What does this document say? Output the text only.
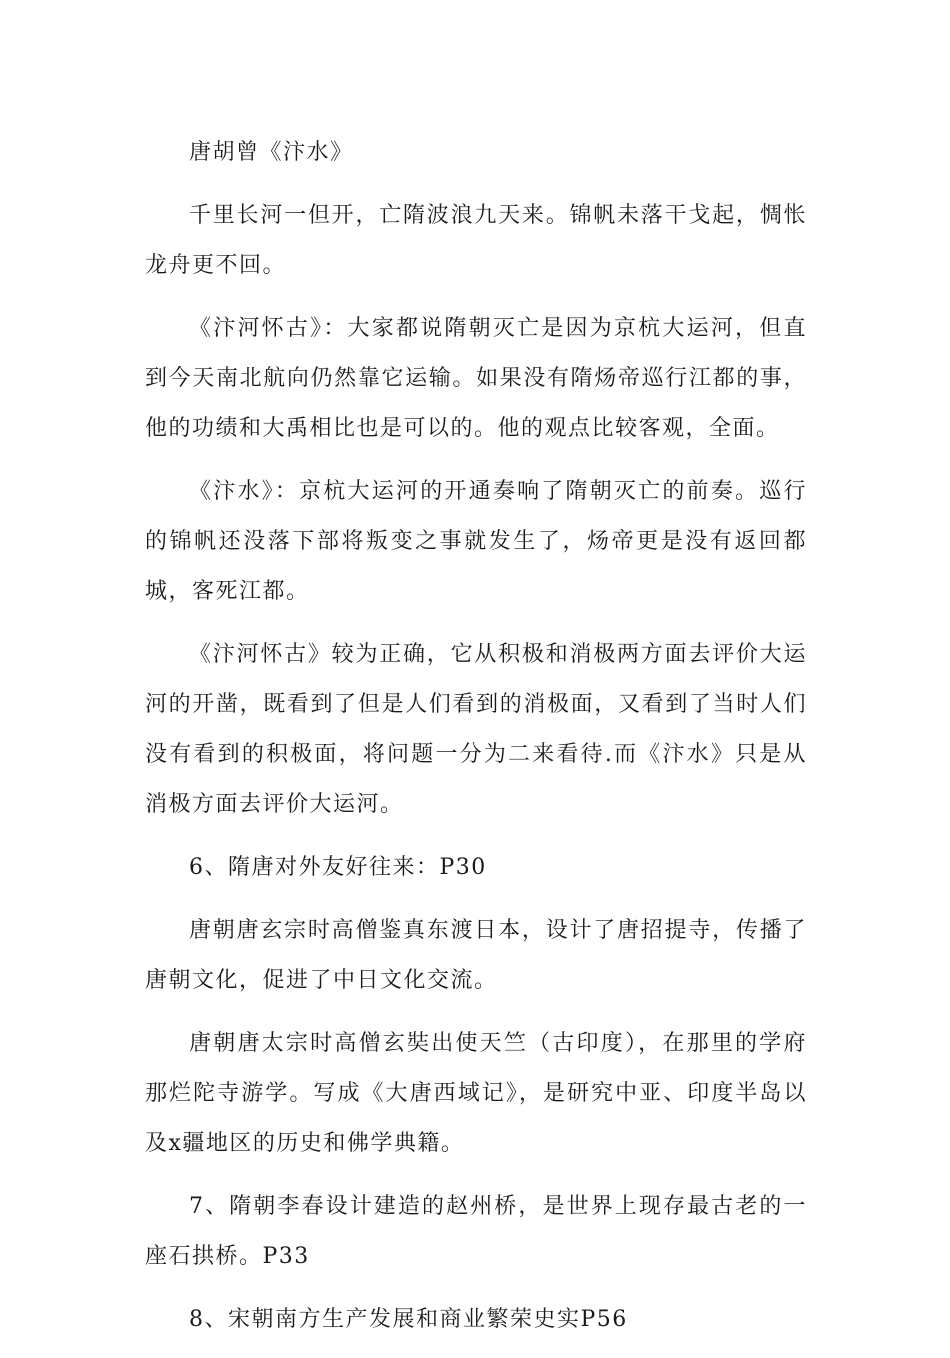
唐胡曾《汴水》

千里长河一但开，亡隋波浪九天来。锦帆未落干戈起，惆怅龙舟更不回。

《汴河怀古》：大家都说隋朝灭亡是因为京杭大运河，但直到今天南北航向仍然靠它运输。如果没有隋炀帝巡行江都的事，他的功绩和大禹相比也是可以的。他的观点比较客观，全面。

《汴水》：京杭大运河的开通奏响了隋朝灭亡的前奏。巡行的锦帆还没落下部将叛变之事就发生了，炀帝更是没有返回都城，客死江都。

《汴河怀古》较为正确，它从积极和消极两方面去评价大运河的开凿，既看到了但是人们看到的消极面，又看到了当时人们没有看到的积极面，将问题一分为二来看待.而《汴水》只是从消极方面去评价大运河。

6、隋唐对外友好往来：P30

唐朝唐玄宗时高僧鉴真东渡日本，设计了唐招提寺，传播了唐朝文化，促进了中日文化交流。

唐朝唐太宗时高僧玄奘出使天竺（古印度），在那里的学府那烂陀寺游学。写成《大唐西域记》，是研究中亚、印度半岛以及x疆地区的历史和佛学典籍。

7、隋朝李春设计建造的赵州桥，是世界上现存最古老的一座石拱桥。P33

8、宋朝南方生产发展和商业繁荣史实P56
